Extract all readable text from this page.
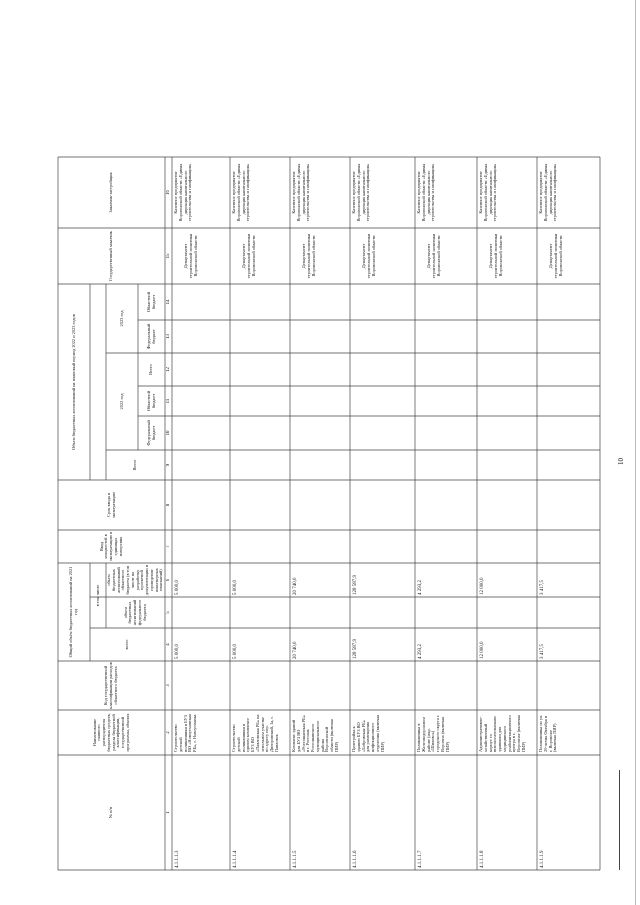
10
№ п/п
Наименование главного распорядителя бюджетных средств, раздела бюджетной классификации, государственной программы, объекта
Код государственной классификации расходов областного бюджета
Общий объём бюджетных ассигнований на 2021 год
всего
в том числе
объем бюджетных ассигнований федерального бюджета
объем бюджетных ассигнований областного бюджета (в том числе на разработку проектной документации и проведение инженерных изысканий)
Ввод мощностей в эксплуатацию в единицах измерения
Срок ввода в эксплуатацию
Объем бюджетных ассигнований на плановый период 2022 и 2023 годов	2022 год
2023 год
Всего
Федеральный бюджет
Областной бюджет
Всего
Федеральный бюджет
Областной бюджет
Государственный заказчик
Заказчик-застройщик
1
2
3
4
5
6
7
8
9
10
11
12
13
14
15
16
4.1.1.1.3
Строительство детской поликлиники в БУЗ ВО «Новоусманская РБ», г. Новоусманка
5 000,0
5 000,0
Департамент строительной политики Воронежской области
Казенное предприятие Воронежской области «Единая дирекция капитального строительства и газификации»
4.1.1.1.4
Строительство детской поликлиники в едином комплексе БУЗ ВО «Павловская РБ» на земельном участке по адресу пер. Днепровский, 1а, г. Павловск
5 000,0
5 000,0
Департамент строительной политики Воронежской области
Казенное предприятие Воронежской области «Единая дирекция капитального строительства и газификации»
4.1.1.1.5
Комплекс зданий для БУЗ ВО «Россошанская РБ» в г. Россошь Россошанского муниципального района Воронежской области (включая ПИР)
20 740,0
20 740,0
Департамент строительной политики Воронежской области
Казенное предприятие Воронежской области «Единая дирекция капитального строительства и газификации»
4.1.1.1.6
Пристройка к зданию БУЗ ВО «Бобровская РБ» для размещения инфекционного отделения (включая ПИР)
128 587,9
128 587,9
Департамент строительной политики Воронежской области
Казенное предприятие Воронежской области «Единая дирекция капитального строительства и газификации»
4.1.1.1.7
Поликлиника в Железнодорожном районе (мкр. «Шилово») городского округа г. Воронеж (включая ПИР)
4 293,2
4 293,2
Департамент строительной политики Воронежской области
Казенное предприятие Воронежской области «Единая дирекция капитального строительства и газификации»
4.1.1.1.8
Административно-хозяйственный корпус со вспомогательными зданиями для медицинского реабилитационного центра в г. Воронеже (включая ПИР)
12 000,0
12 000,0
Департамент строительной политики Воронежской области
Казенное предприятие Воронежской области «Единая дирекция капитального строительства и газификации»
4.1.1.1.9
Поликлиника по ул. 20-летия Октября в г. Воронеже (включая ПИР)
3 417,5
3 417,5
Департамент строительной политики Воронежской области
Казенное предприятие Воронежской области «Единая дирекция капитального строительства и газификации»
